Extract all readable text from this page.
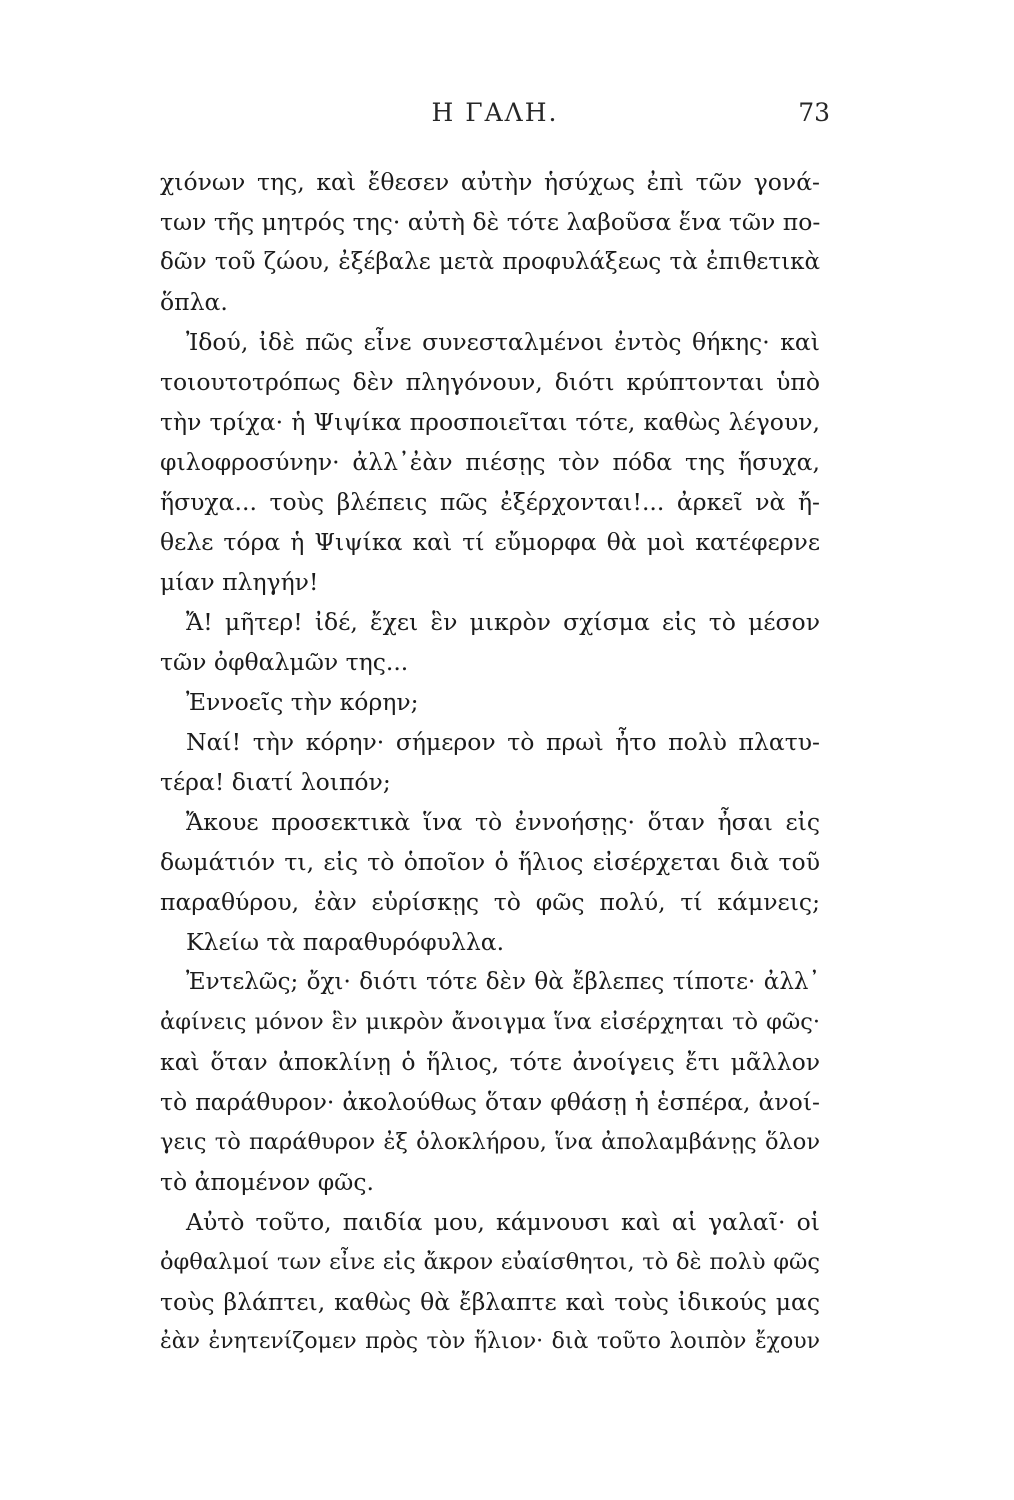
Η ΓΑΛΗ.	73
χιόνων της, καὶ ἔθεσεν αὐτὴν ἡσύχως ἐπὶ τῶν γονά-
των τῆς μητρός της· αὐτὴ δὲ τότε λαβοῦσα ἕνα τῶν πο-
δῶν τοῦ ζώου, ἐξέβαλε μετὰ προφυλάξεως τὰ ἐπιθετικὰ
ὅπλα.
Ἰδού, ἰδὲ πῶς εἶνε συνεσταλμένοι ἐντὸς θήκης· καὶ
τοιουτοτρόπως δὲν πληγόνουν, διότι κρύπτονται ὑπὸ
τὴν τρίχα· ἡ Ψιψίκα προσποιεῖται τότε, καθὼς λέγουν,
φιλοφροσύνην· ἀλλ᾽ἐὰν πιέσῃς τὸν πόδα της ἥσυχα,
ἥσυχα... τοὺς βλέπεις πῶς ἐξέρχονται!... ἀρκεῖ νὰ ἤ-
θελε τόρα ἡ Ψιψίκα καὶ τί εὔμορφα θὰ μοὶ κατέφερνε
μίαν πληγήν!
Ἄ! μῆτερ! ἰδέ, ἔχει ἓν μικρὸν σχίσμα εἰς τὸ μέσον
τῶν ὀφθαλμῶν της...
Ἐννοεῖς τὴν κόρην;
Ναί! τὴν κόρην· σήμερον τὸ πρωὶ ἦτο πολὺ πλατυ-
τέρα! διατί λοιπόν;
Ἄκουε προσεκτικὰ ἵνα τὸ ἐννοήσῃς· ὅταν ἦσαι εἰς
δωμάτιόν τι, εἰς τὸ ὁποῖον ὁ ἥλιος εἰσέρχεται διὰ τοῦ
παραθύρου, ἐὰν εὑρίσκῃς τὸ φῶς πολύ, τί κάμνεις;
Κλείω τὰ παραθυρόφυλλα.
Ἐντελῶς; ὄχι· διότι τότε δὲν θὰ ἔβλεπες τίποτε· ἀλλ᾽
ἀφίνεις μόνον ἓν μικρὸν ἄνοιγμα ἵνα εἰσέρχηται τὸ φῶς·
καὶ ὅταν ἀποκλίνῃ ὁ ἥλιος, τότε ἀνοίγεις ἔτι μᾶλλον
τὸ παράθυρον· ἀκολούθως ὅταν φθάσῃ ἡ ἑσπέρα, ἀνοί-
γεις τὸ παράθυρον ἐξ ὁλοκλήρου, ἵνα ἀπολαμβάνῃς ὅλον
τὸ ἀπομένον φῶς.
Αὐτὸ τοῦτο, παιδία μου, κάμνουσι καὶ αἱ γαλαῖ· οἱ
ὀφθαλμοί των εἶνε εἰς ἄκρον εὐαίσθητοι, τὸ δὲ πολὺ φῶς
τοὺς βλάπτει, καθὼς θὰ ἔβλαπτε καὶ τοὺς ἰδικούς μας
ἐὰν ἐνητενίζομεν πρὸς τὸν ἥλιον· διὰ τοῦτο λοιπὸν ἔχουν
